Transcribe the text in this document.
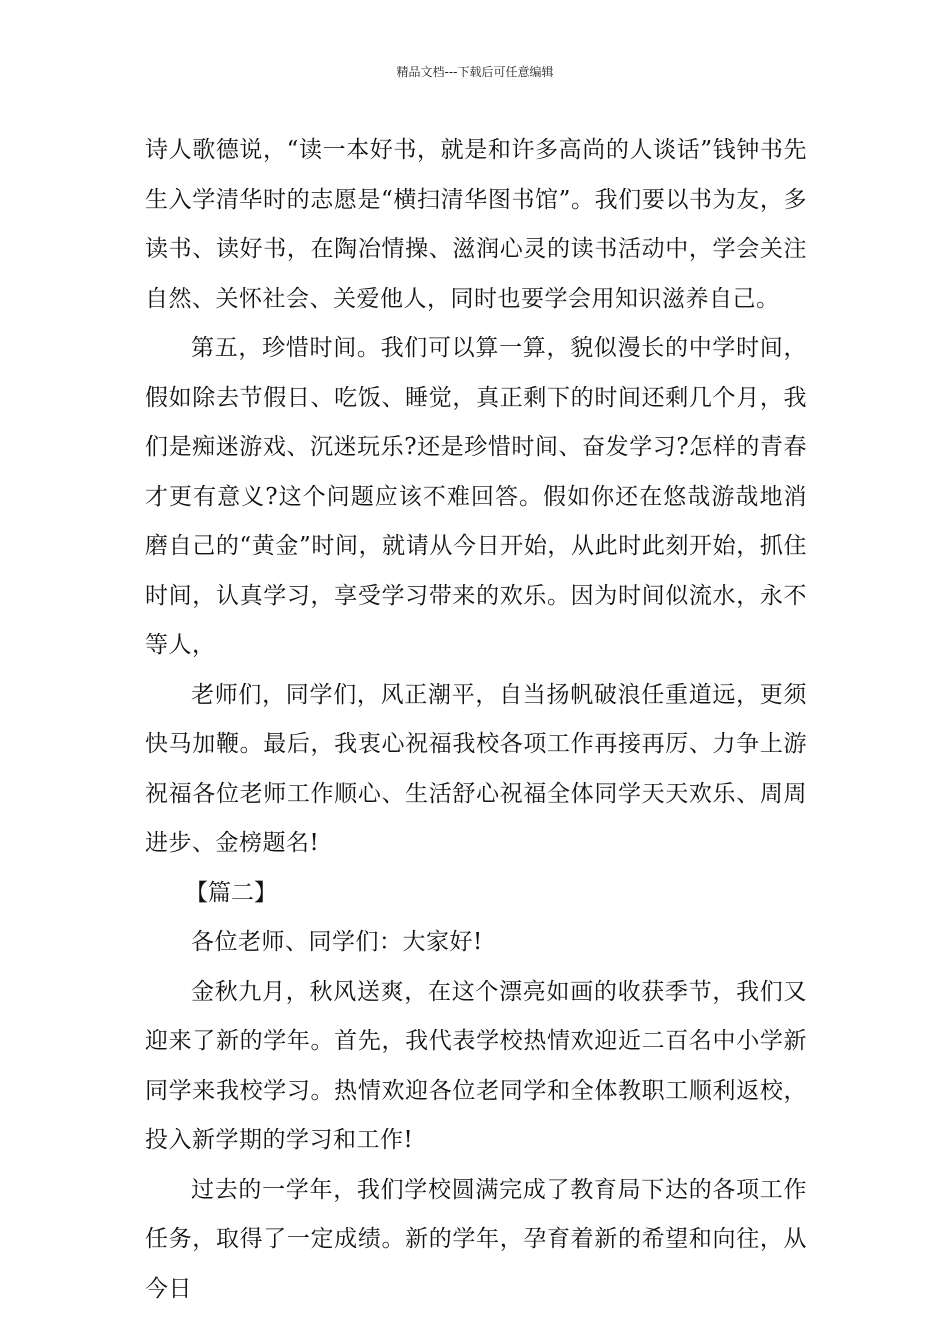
精品文档---下载后可任意编辑

诗人歌德说，“读一本好书，就是和许多高尚的人谈话”钱钟书先生入学清华时的志愿是“横扫清华图书馆”。我们要以书为友，多读书、读好书，在陶冶情操、滋润心灵的读书活动中，学会关注自然、关怀社会、关爱他人，同时也要学会用知识滋养自己。

第五，珍惜时间。我们可以算一算，貌似漫长的中学时间，假如除去节假日、吃饭、睡觉，真正剩下的时间还剩几个月，我们是痴迷游戏、沉迷玩乐?还是珍惜时间、奋发学习?怎样的青春才更有意义?这个问题应该不难回答。假如你还在悠哉游哉地消磨自己的“黄金”时间，就请从今日开始，从此时此刻开始，抓住时间，认真学习，享受学习带来的欢乐。因为时间似流水，永不等人，

老师们，同学们，风正潮平，自当扬帆破浪任重道远，更须快马加鞭。最后，我衷心祝福我校各项工作再接再厉、力争上游祝福各位老师工作顺心、生活舒心祝福全体同学天天欢乐、周周进步、金榜题名!

【篇二】

各位老师、同学们：大家好!

金秋九月，秋风送爽，在这个漂亮如画的收获季节，我们又迎来了新的学年。首先，我代表学校热情欢迎近二百名中小学新同学来我校学习。热情欢迎各位老同学和全体教职工顺利返校，投入新学期的学习和工作!

过去的一学年，我们学校圆满完成了教育局下达的各项工作任务，取得了一定成绩。新的学年，孕育着新的希望和向往，从今日
